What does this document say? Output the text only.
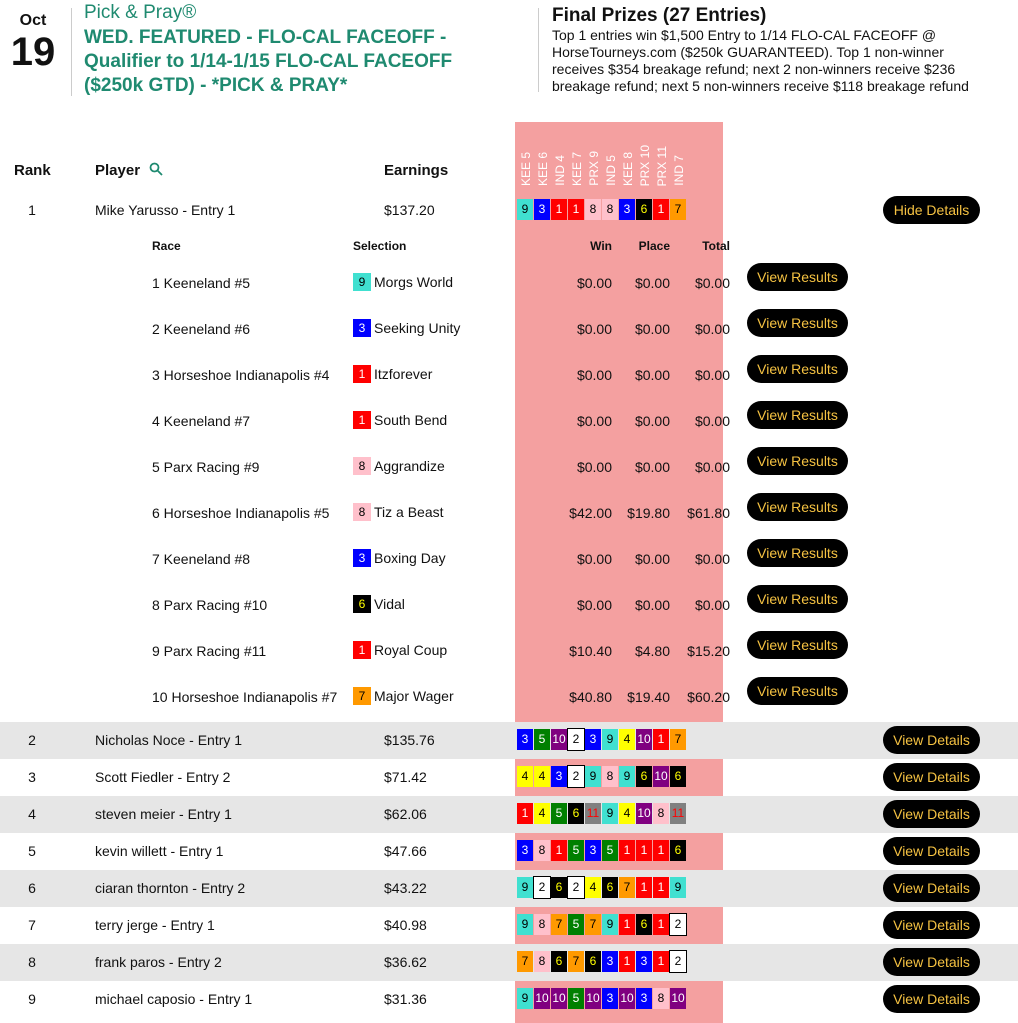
Oct
19
Pick & Pray®
WED. FEATURED - FLO-CAL FACEOFF - Qualifier to 1/14-1/15 FLO-CAL FACEOFF ($250k GTD) - *PICK & PRAY*
Final Prizes (27 Entries)
Top 1 entries win $1,500 Entry to 1/14 FLO-CAL FACEOFF @ HorseTourneys.com ($250k GUARANTEED). Top 1 non-winner receives $354 breakage refund; next 2 non-winners receive $236 breakage refund; next 5 non-winners receive $118 breakage refund
KEE 5 KEE 6 IND 4 KEE 7 PRX 9 IND 5 KEE 8 PRX 10 PRX 11 IND 7
Rank	Player	Earnings
1	Mike Yarusso - Entry 1	$137.20	9 3 1 1 8 8 3 6 1 7	Hide Details
Race	Selection	Win	Place	Total
1 Keeneland #5	9 Morgs World	$0.00	$0.00	$0.00	View Results
2 Keeneland #6	3 Seeking Unity	$0.00	$0.00	$0.00	View Results
3 Horseshoe Indianapolis #4	1 Itzforever	$0.00	$0.00	$0.00	View Results
4 Keeneland #7	1 South Bend	$0.00	$0.00	$0.00	View Results
5 Parx Racing #9	8 Aggrandize	$0.00	$0.00	$0.00	View Results
6 Horseshoe Indianapolis #5	8 Tiz a Beast	$42.00	$19.80	$61.80	View Results
7 Keeneland #8	3 Boxing Day	$0.00	$0.00	$0.00	View Results
8 Parx Racing #10	6 Vidal	$0.00	$0.00	$0.00	View Results
9 Parx Racing #11	1 Royal Coup	$10.40	$4.80	$15.20	View Results
10 Horseshoe Indianapolis #7	7 Major Wager	$40.80	$19.40	$60.20	View Results
2	Nicholas Noce - Entry 1	$135.76	3 5 10 2 3 9 4 10 1 7	View Details
3	Scott Fiedler - Entry 2	$71.42	4 4 3 2 9 8 9 6 10 6	View Details
4	steven meier - Entry 1	$62.06	1 4 5 6 11 9 4 10 8 11	View Details
5	kevin willett - Entry 1	$47.66	3 8 1 5 3 5 1 1 1 6	View Details
6	ciaran thornton - Entry 2	$43.22	9 2 6 2 4 6 7 1 1 9	View Details
7	terry jerge - Entry 1	$40.98	9 8 7 5 7 9 1 6 1 2	View Details
8	frank paros - Entry 2	$36.62	7 8 6 7 6 3 1 3 1 2	View Details
9	michael caposio - Entry 1	$31.36	9 10 10 5 10 3 10 3 8 10	View Details
